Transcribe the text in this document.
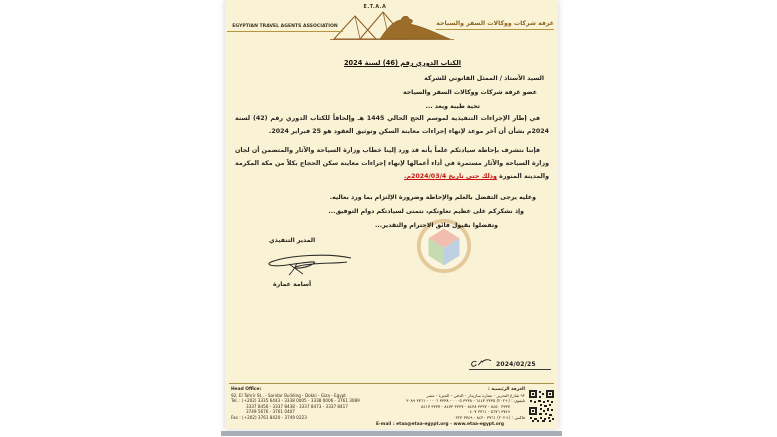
E.T.A.A
EGYPTIAN TRAVEL AGENTS ASSOCIATION	غرفة شركات ووكالات السفر والسياحة
الكتاب الدوري رقم (46) لسنة 2024
السيد الأستاذ / الممثل القانوني للشركة
عضو غرفة شركات ووكالات السفر والسياحة
تحية طيبة وبعد ...
في إطار الإجراءات التنفيذية لموسم الحج الحالي 1445 هـ وإلحاقاً للكتاب الدوري رقم (42) لسنة 2024م بشأن أن آخر موعد لإنهاء إجراءات معاينة السكن وتوثيق العقود هو 25 فبراير 2024.
فإننا نتشرف بإحاطة سيادتكم علماً بأنه قد ورد إلينا خطاب وزارة السياحة والآثار والمتضمن أن لجان وزارة السياحة والآثار مستمرة في أداء أعمالها لإنهاء إجراءات معاينة سكن الحجاج بكلاً من مكة المكرمة والمدينة المنورة وذلك حتى تاريخ 2024/03/4م.
وعليه يرجى التفضل بالعلم والإحاطة وضرورة الإلتزام بما ورد بعاليه.
وإذ نشكركم على عظيم تعاونكم، نتمنى لسيادتكم دوام التوفيق...
وتفضلوا بقبول فائق الاحترام والتقدير...
المدير التنفيذي
أسامة عمارة
2024/02/25
Head Office:
92, El Tahrir St., - Saridar Building - Dokki - Giza - Egypt
Tel. : (+202) 3335 6443 - 3338 0005 - 3338 0006 - 3761 3089
3337 8450 - 3337 8438 - 3337 8473 - 3337 8417
3749 5676 - 3761 0407
Fax : (+202) 3761 8420 - 3749 0223
الغرفة الرئيسية :
٩٢ شارع التحرير - عمارة ساريدار - الدقي - الجيزة - مصر
تليفون : (+٢٠٢) ٣٣٣٥ ٦٤٤٣ - ٣٣٣٨ ٠٠٠٥ - ٣٣٣٨ ٠٠٠٦ - ٣٧٦١ ٣٠٨٩
٣٣٣٧ ٨٤٥٠ - ٣٣٣٧ ٨٤٣٨ - ٣٣٣٧ ٨٤٧٣ - ٣٣٣٧ ٨٤١٧
٣٧٤٩ ٥٦٧٦ - ٣٧٦١ ٠٤٠٧
فاكس : (+٢٠٢) ٣٧٦١ ٨٤٢٠ - ٣٧٤٩ ٠٢٢٣
E-mail : etaa@etaa-egypt.org - www.etaa-egypt.org
